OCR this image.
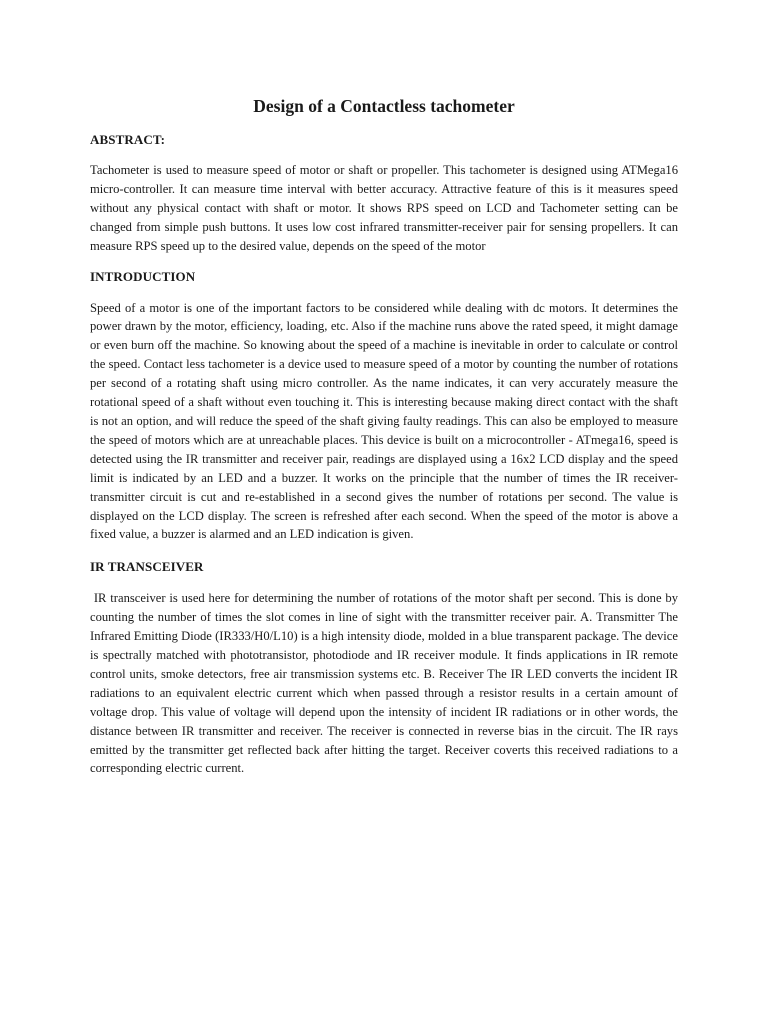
Design of a Contactless tachometer
ABSTRACT:

Tachometer is used to measure speed of motor or shaft or propeller. This tachometer is designed using ATMega16 micro-controller. It can measure time interval with better accuracy. Attractive feature of this is it measures speed without any physical contact with shaft or motor. It shows RPS speed on LCD and Tachometer setting can be changed from simple push buttons. It uses low cost infrared transmitter-receiver pair for sensing propellers. It can measure RPS speed up to the desired value, depends on the speed of the motor

INTRODUCTION

Speed of a motor is one of the important factors to be considered while dealing with dc motors. It determines the power drawn by the motor, efficiency, loading, etc. Also if the machine runs above the rated speed, it might damage or even burn off the machine. So knowing about the speed of a machine is inevitable in order to calculate or control the speed. Contact less tachometer is a device used to measure speed of a motor by counting the number of rotations per second of a rotating shaft using micro controller. As the name indicates, it can very accurately measure the rotational speed of a shaft without even touching it. This is interesting because making direct contact with the shaft is not an option, and will reduce the speed of the shaft giving faulty readings. This can also be employed to measure the speed of motors which are at unreachable places. This device is built on a microcontroller - ATmega16, speed is detected using the IR transmitter and receiver pair, readings are displayed using a 16x2 LCD display and the speed limit is indicated by an LED and a buzzer. It works on the principle that the number of times the IR receiver-transmitter circuit is cut and re-established in a second gives the number of rotations per second. The value is displayed on the LCD display. The screen is refreshed after each second. When the speed of the motor is above a fixed value, a buzzer is alarmed and an LED indication is given.

IR TRANSCEIVER

IR transceiver is used here for determining the number of rotations of the motor shaft per second. This is done by counting the number of times the slot comes in line of sight with the transmitter receiver pair. A. Transmitter The Infrared Emitting Diode (IR333/H0/L10) is a high intensity diode, molded in a blue transparent package. The device is spectrally matched with phototransistor, photodiode and IR receiver module. It finds applications in IR remote control units, smoke detectors, free air transmission systems etc. B. Receiver The IR LED converts the incident IR radiations to an equivalent electric current which when passed through a resistor results in a certain amount of voltage drop. This value of voltage will depend upon the intensity of incident IR radiations or in other words, the distance between IR transmitter and receiver. The receiver is connected in reverse bias in the circuit. The IR rays emitted by the transmitter get reflected back after hitting the target. Receiver coverts this received radiations to a corresponding electric current.
